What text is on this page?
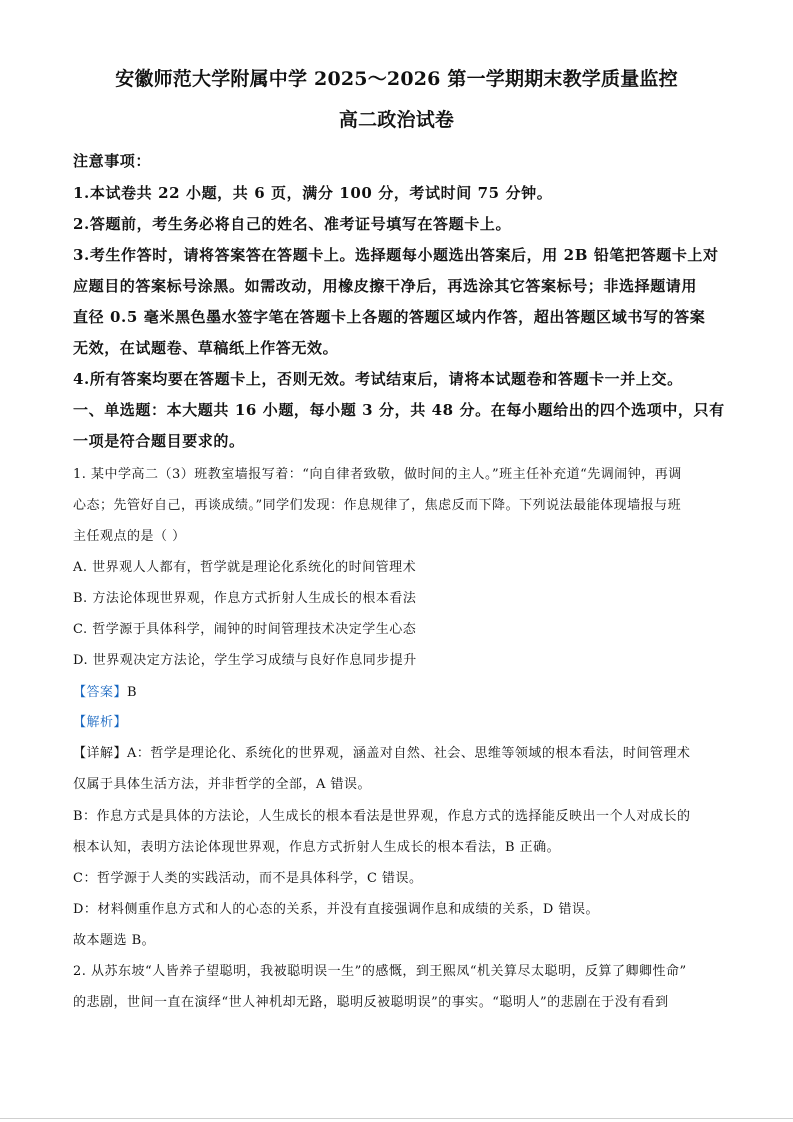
安徽师范大学附属中学 2025～2026 第一学期期末教学质量监控
高二政治试卷
注意事项：
1.本试卷共 22 小题，共 6 页，满分 100 分，考试时间 75 分钟。
2.答题前，考生务必将自己的姓名、准考证号填写在答题卡上。
3.考生作答时，请将答案答在答题卡上。选择题每小题选出答案后，用 2B 铅笔把答题卡上对
应题目的答案标号涂黑。如需改动，用橡皮擦干净后，再选涂其它答案标号；非选择题请用
直径 0.5 毫米黑色墨水签字笔在答题卡上各题的答题区域内作答，超出答题区域书写的答案
无效，在试题卷、草稿纸上作答无效。
4.所有答案均要在答题卡上，否则无效。考试结束后，请将本试题卷和答题卡一并上交。
一、单选题：本大题共 16 小题，每小题 3 分，共 48 分。在每小题给出的四个选项中，只有
一项是符合题目要求的。
1. 某中学高二（3）班教室墙报写着：“向自律者致敬，做时间的主人。”班主任补充道“先调闹钟，再调
心态；先管好自己，再谈成绩。”同学们发现：作息规律了，焦虑反而下降。下列说法最能体现墙报与班
主任观点的是（ ）
A. 世界观人人都有，哲学就是理论化系统化的时间管理术
B. 方法论体现世界观，作息方式折射人生成长的根本看法
C. 哲学源于具体科学，闹钟的时间管理技术决定学生心态
D. 世界观决定方法论，学生学习成绩与良好作息同步提升
【答案】B
【解析】
【详解】A：哲学是理论化、系统化的世界观，涵盖对自然、社会、思维等领域的根本看法，时间管理术
仅属于具体生活方法，并非哲学的全部，A 错误。
B：作息方式是具体的方法论，人生成长的根本看法是世界观，作息方式的选择能反映出一个人对成长的
根本认知，表明方法论体现世界观，作息方式折射人生成长的根本看法，B 正确。
C：哲学源于人类的实践活动，而不是具体科学，C 错误。
D：材料侧重作息方式和人的心态的关系，并没有直接强调作息和成绩的关系，D 错误。
故本题选 B。
2. 从苏东坡“人皆养子望聪明，我被聪明误一生”的感慨，到王熙凤“机关算尽太聪明，反算了卿卿性命”
的悲剧，世间一直在演绎“世人神机却无路，聪明反被聪明误”的事实。“聪明人”的悲剧在于没有看到
